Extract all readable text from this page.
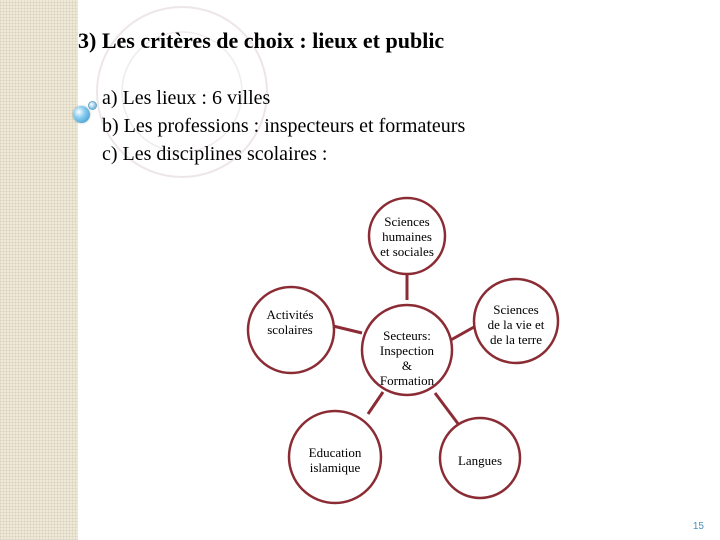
3) Les critères de choix : lieux et public
a) Les lieux : 6 villes
b) Les professions : inspecteurs et formateurs
c) Les disciplines scolaires :
Sciences
humaines
et sociales
Sciences
de la vie et
de la terre
Langues
Education
islamique
Activités
scolaires	Secteurs:
Inspection
&
Formation
15
